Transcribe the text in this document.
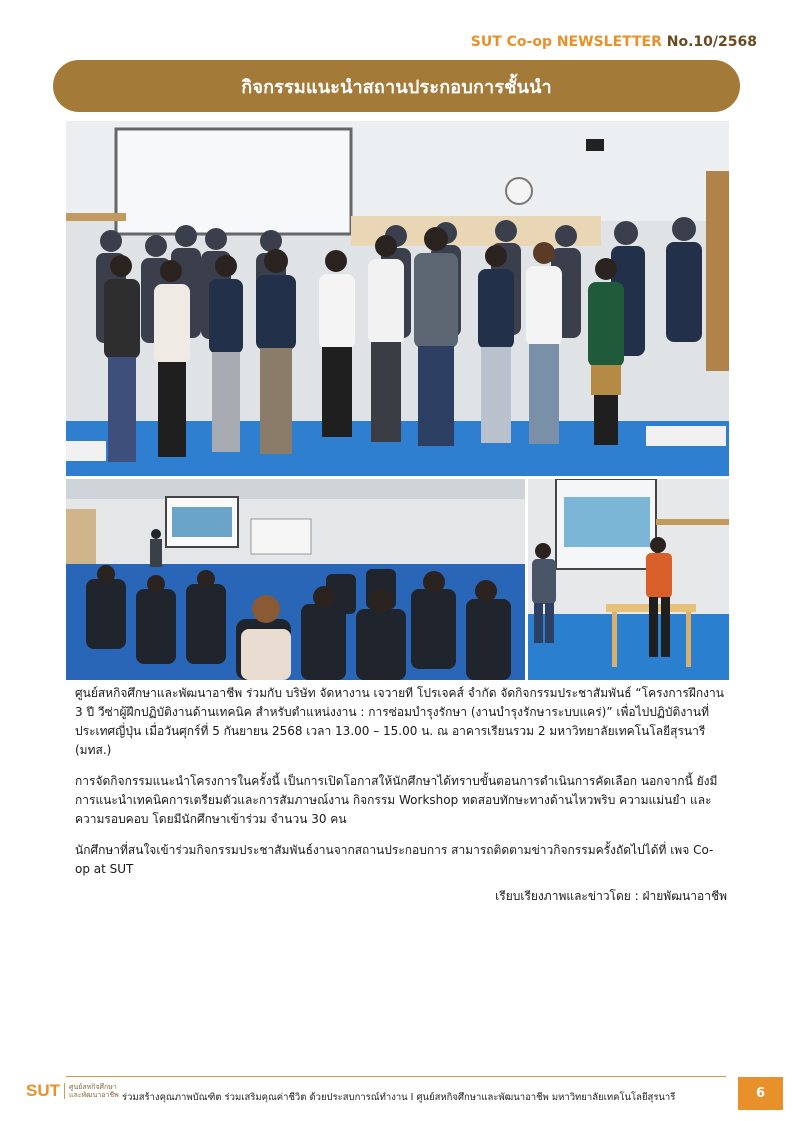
SUT Co-op NEWSLETTER No.10/2568
กิจกรรมแนะนำสถานประกอบการชั้นนำ

ศูนย์สหกิจศึกษาและพัฒนาอาชีพ ร่วมกับ บริษัท จัดหางาน เจวายที โปรเจคส์ จำกัด จัดกิจกรรมประชาสัมพันธ์ “โครงการฝึกงาน 3 ปี วีซ่าผู้ฝึกปฏิบัติงานด้านเทคนิค สำหรับตำแหน่งงาน : การซ่อมบำรุงรักษา (งานบำรุงรักษาระบบแคร่)” เพื่อไปปฏิบัติงานที่ประเทศญี่ปุ่น เมื่อวันศุกร์ที่ 5 กันยายน 2568 เวลา 13.00 – 15.00 น. ณ อาคารเรียนรวม 2 มหาวิทยาลัยเทคโนโลยีสุรนารี (มทส.)

การจัดกิจกรรมแนะนำโครงการในครั้งนี้ เป็นการเปิดโอกาสให้นักศึกษาได้ทราบขั้นตอนการดำเนินการคัดเลือก นอกจากนี้ ยังมีการแนะนำเทคนิคการเตรียมตัวและการสัมภาษณ์งาน กิจกรรม Workshop ทดสอบทักษะทางด้านไหวพริบ ความแม่นยำ และความรอบคอบ โดยมีนักศึกษาเข้าร่วม จำนวน 30 คน

นักศึกษาที่สนใจเข้าร่วมกิจกรรมประชาสัมพันธ์งานจากสถานประกอบการ สามารถติดตามข่าวกิจกรรมครั้งถัดไปได้ที่ เพจ Co-op at SUT

เรียบเรียงภาพและข่าวโดย : ฝ่ายพัฒนาอาชีพ

SUT	ศูนย์สหกิจศึกษาและพัฒนาอาชีพ ร่วมสร้างคุณภาพบัณฑิต ร่วมเสริมคุณค่าชีวิต ด้วยประสบการณ์ทำงาน I ศูนย์สหกิจศึกษาและพัฒนาอาชีพ มหาวิทยาลัยเทคโนโลยีสุรนารี	6
